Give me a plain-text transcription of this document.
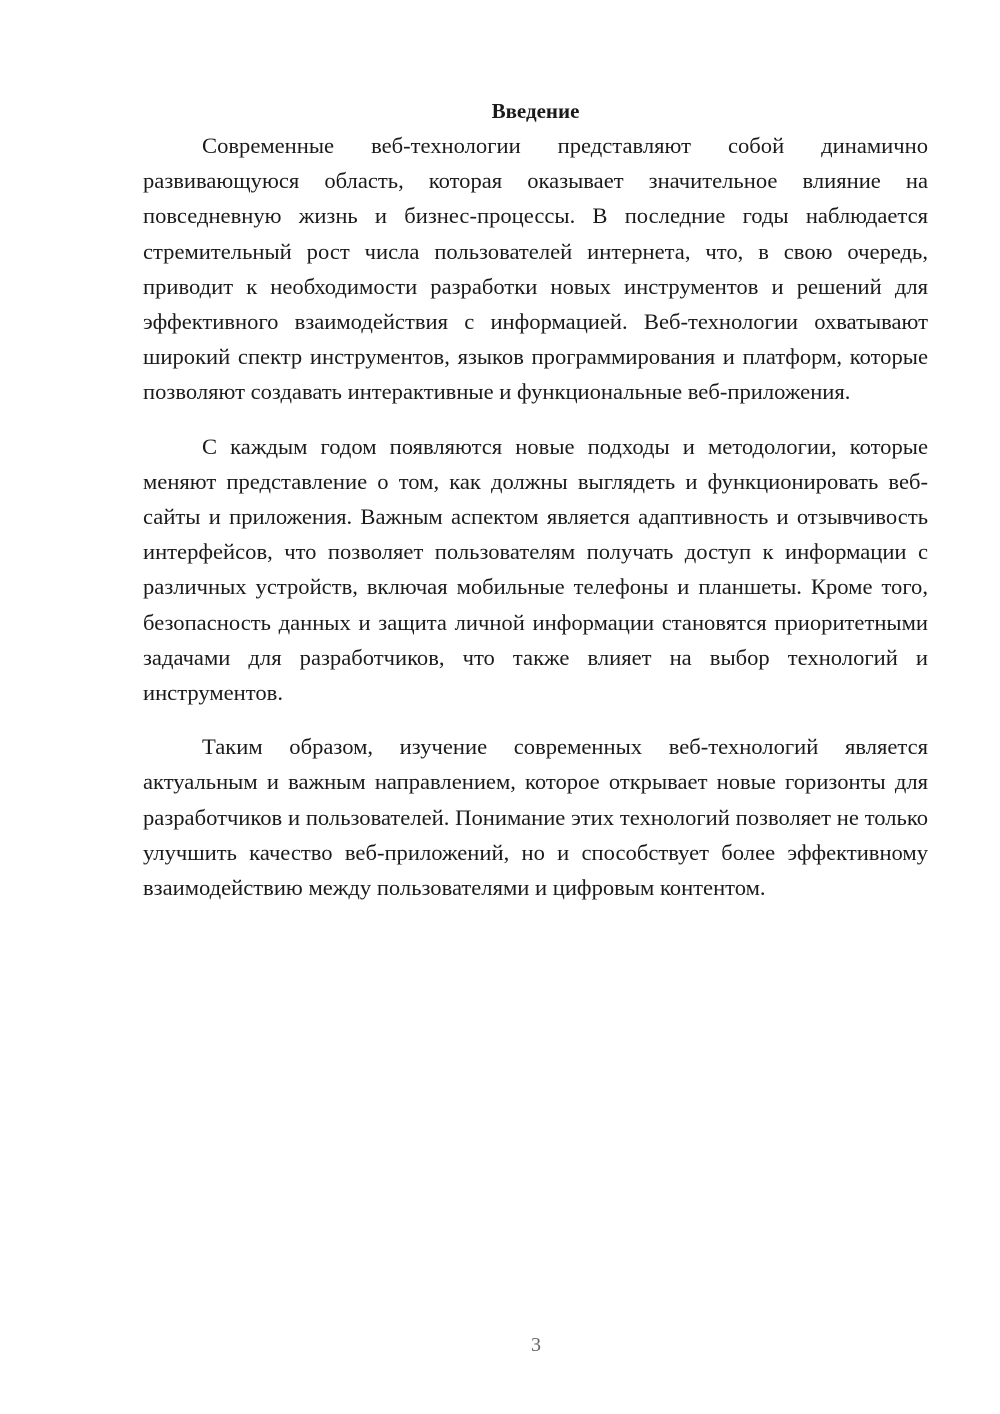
Введение

Современные веб-технологии представляют собой динамично развивающуюся область, которая оказывает значительное влияние на повседневную жизнь и бизнес-процессы. В последние годы наблюдается стремительный рост числа пользователей интернета, что, в свою очередь, приводит к необходимости разработки новых инструментов и решений для эффективного взаимодействия с информацией. Веб-технологии охватывают широкий спектр инструментов, языков программирования и платформ, которые позволяют создавать интерактивные и функциональные веб-приложения.

С каждым годом появляются новые подходы и методологии, которые меняют представление о том, как должны выглядеть и функционировать веб-сайты и приложения. Важным аспектом является адаптивность и отзывчивость интерфейсов, что позволяет пользователям получать доступ к информации с различных устройств, включая мобильные телефоны и планшеты. Кроме того, безопасность данных и защита личной информации становятся приоритетными задачами для разработчиков, что также влияет на выбор технологий и инструментов.

Таким образом, изучение современных веб-технологий является актуальным и важным направлением, которое открывает новые горизонты для разработчиков и пользователей. Понимание этих технологий позволяет не только улучшить качество веб-приложений, но и способствует более эффективному взаимодействию между пользователями и цифровым контентом.

3
